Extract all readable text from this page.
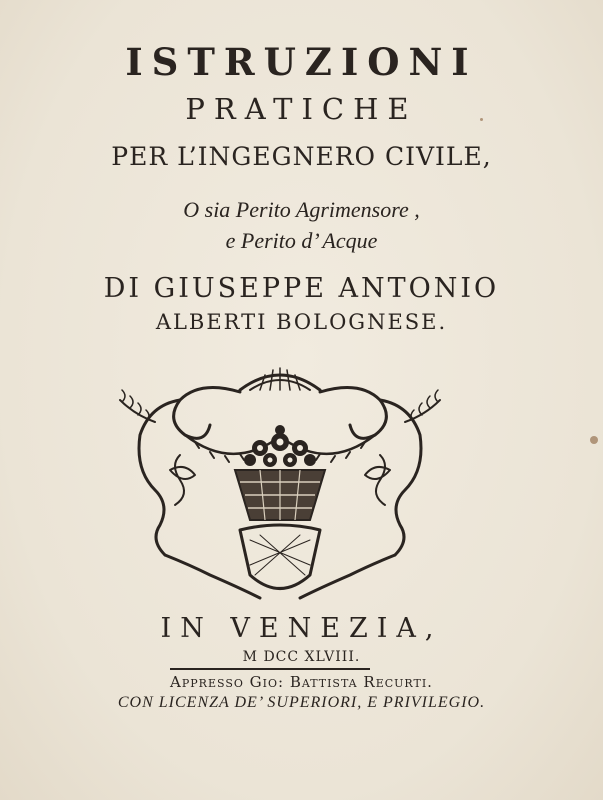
ISTRUZIONI
PRATICHE
PER L’INGEGNERO CIVILE,
O sia Perito Agrimensore ,
e Perito d’ Acque
DI GIUSEPPE ANTONIO
ALBERTI BOLOGNESE.
IN VENEZIA,
M DCC XLVIII.
Appresso Gio: Battista Recurti.
CON LICENZA DE’ SUPERIORI, E PRIVILEGIO.
